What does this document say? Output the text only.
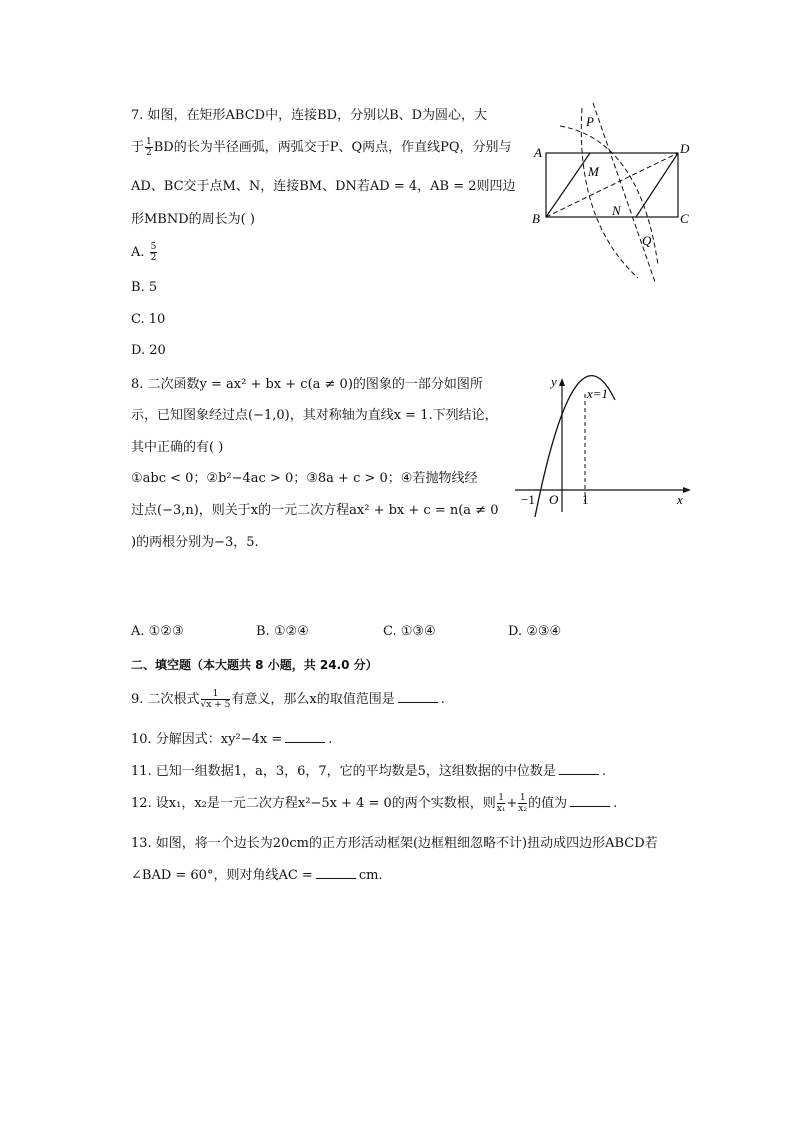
7. 如图，在矩形ABCD中，连接BD，分别以B、D为圆心，大
于 $\frac{1}{2}$ BD的长为半径画弧，两弧交于P、Q两点，作直线PQ，分别与
AD、BC交于点M、N，连接BM、DN若AD = 4，AB = 2则四边
形MBND的周长为( )
A. $\frac{5}{2}$
B. 5
C. 10
D. 20
P
A	D
M
N
B	C
Q
8. 二次函数y = ax² + bx + c(a ≠ 0)的图象的一部分如图所
示，已知图象经过点(−1,0)，其对称轴为直线x = 1.下列结论，
其中正确的有( )
①abc < 0；②b²−4ac > 0；③8a + c > 0；④若抛物线经
过点(−3,n)，则关于x的一元二次方程ax² + bx + c = n(a ≠ 0
)的两根分别为−3，5.
y
x=1
x
−1 O 1
A. ①②③	B. ①②④	C. ①③④	D. ②③④
二、填空题（本大题共 8 小题，共 24.0 分）
9. 二次根式 $\frac{1}{√x + 5}$ 有意义，那么x的取值范围是	.
10. 分解因式：xy²−4x =	.
11. 已知一组数据1，a，3，6，7，它的平均数是5，这组数据的中位数是	.
12. 设x₁，x₂是一元二次方程x²−5x + 4 = 0的两个实数根，则 $\frac{1}{\text{x₁}} + \frac{1}{\text{x₂}}$ 的值为	.
13. 如图，将一个边长为20cm的正方形活动框架(边框粗细忽略不计)扭动成四边形ABCD若
∠BAD = 60°，则对角线AC =	cm.
